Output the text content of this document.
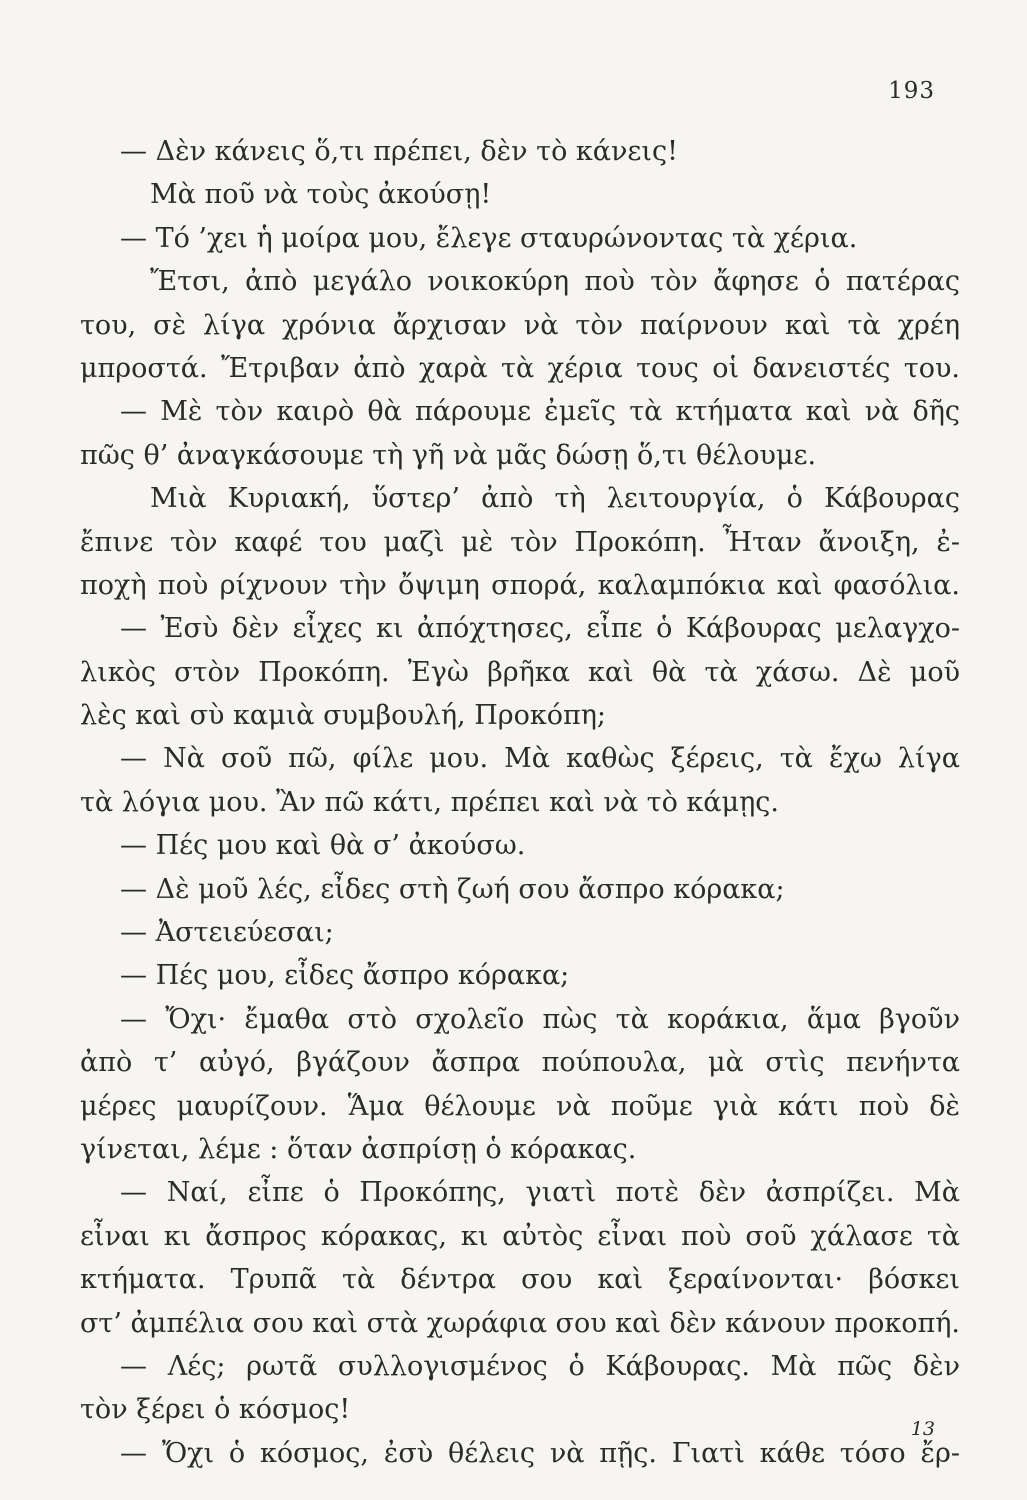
193
— Δὲν κάνεις ὅ,τι πρέπει, δὲν τὸ κάνεις!
Μὰ ποῦ νὰ τοὺς ἀκούσῃ!
— Τό ’χει ἡ μοίρα μου, ἔλεγε σταυρώνοντας τὰ χέρια.
Ἔτσι, ἀπὸ μεγάλο νοικοκύρη ποὺ τὸν ἄφησε ὁ πατέρας
του, σὲ λίγα χρόνια ἄρχισαν νὰ τὸν παίρνουν καὶ τὰ χρέη
μπροστά. Ἔτριβαν ἀπὸ χαρὰ τὰ χέρια τους οἱ δανειστές του.
— Μὲ τὸν καιρὸ θὰ πάρουμε ἐμεῖς τὰ κτήματα καὶ νὰ δῆς
πῶς θ’ ἀναγκάσουμε τὴ γῆ νὰ μᾶς δώσῃ ὅ,τι θέλουμε.
Μιὰ Κυριακή, ὕστερ’ ἀπὸ τὴ λειτουργία, ὁ Κάβουρας
ἔπινε τὸν καφέ του μαζὶ μὲ τὸν Προκόπη. Ἦταν ἄνοιξη, ἐ-
ποχὴ ποὺ ρίχνουν τὴν ὄψιμη σπορά, καλαμπόκια καὶ φασόλια.
— Ἐσὺ δὲν εἶχες κι ἀπόχτησες, εἶπε ὁ Κάβουρας μελαγχο-
λικὸς στὸν Προκόπη. Ἐγὼ βρῆκα καὶ θὰ τὰ χάσω. Δὲ μοῦ
λὲς καὶ σὺ καμιὰ συμβουλή, Προκόπη;
— Νὰ σοῦ πῶ, φίλε μου. Μὰ καθὼς ξέρεις, τὰ ἔχω λίγα
τὰ λόγια μου. Ἂν πῶ κάτι, πρέπει καὶ νὰ τὸ κάμῃς.
— Πές μου καὶ θὰ σ’ ἀκούσω.
— Δὲ μοῦ λές, εἶδες στὴ ζωή σου ἄσπρο κόρακα;
— Ἀστειεύεσαι;
— Πές μου, εἶδες ἄσπρο κόρακα;
— Ὄχι· ἔμαθα στὸ σχολεῖο πὼς τὰ κοράκια, ἅμα βγοῦν
ἀπὸ τ’ αὐγό, βγάζουν ἄσπρα πούπουλα, μὰ στὶς πενήντα
μέρες μαυρίζουν. Ἅμα θέλουμε νὰ ποῦμε γιὰ κάτι ποὺ δὲ
γίνεται, λέμε : ὅταν ἀσπρίσῃ ὁ κόρακας.
— Ναί, εἶπε ὁ Προκόπης, γιατὶ ποτὲ δὲν ἀσπρίζει. Μὰ
εἶναι κι ἄσπρος κόρακας, κι αὐτὸς εἶναι ποὺ σοῦ χάλασε τὰ
κτήματα. Τρυπᾶ τὰ δέντρα σου καὶ ξεραίνονται· βόσκει
στ’ ἀμπέλια σου καὶ στὰ χωράφια σου καὶ δὲν κάνουν προκοπή.
— Λές; ρωτᾶ συλλογισμένος ὁ Κάβουρας. Μὰ πῶς δὲν
τὸν ξέρει ὁ κόσμος!
— Ὄχι ὁ κόσμος, ἐσὺ θέλεις νὰ πῇς. Γιατὶ κάθε τόσο ἔρ-
13
